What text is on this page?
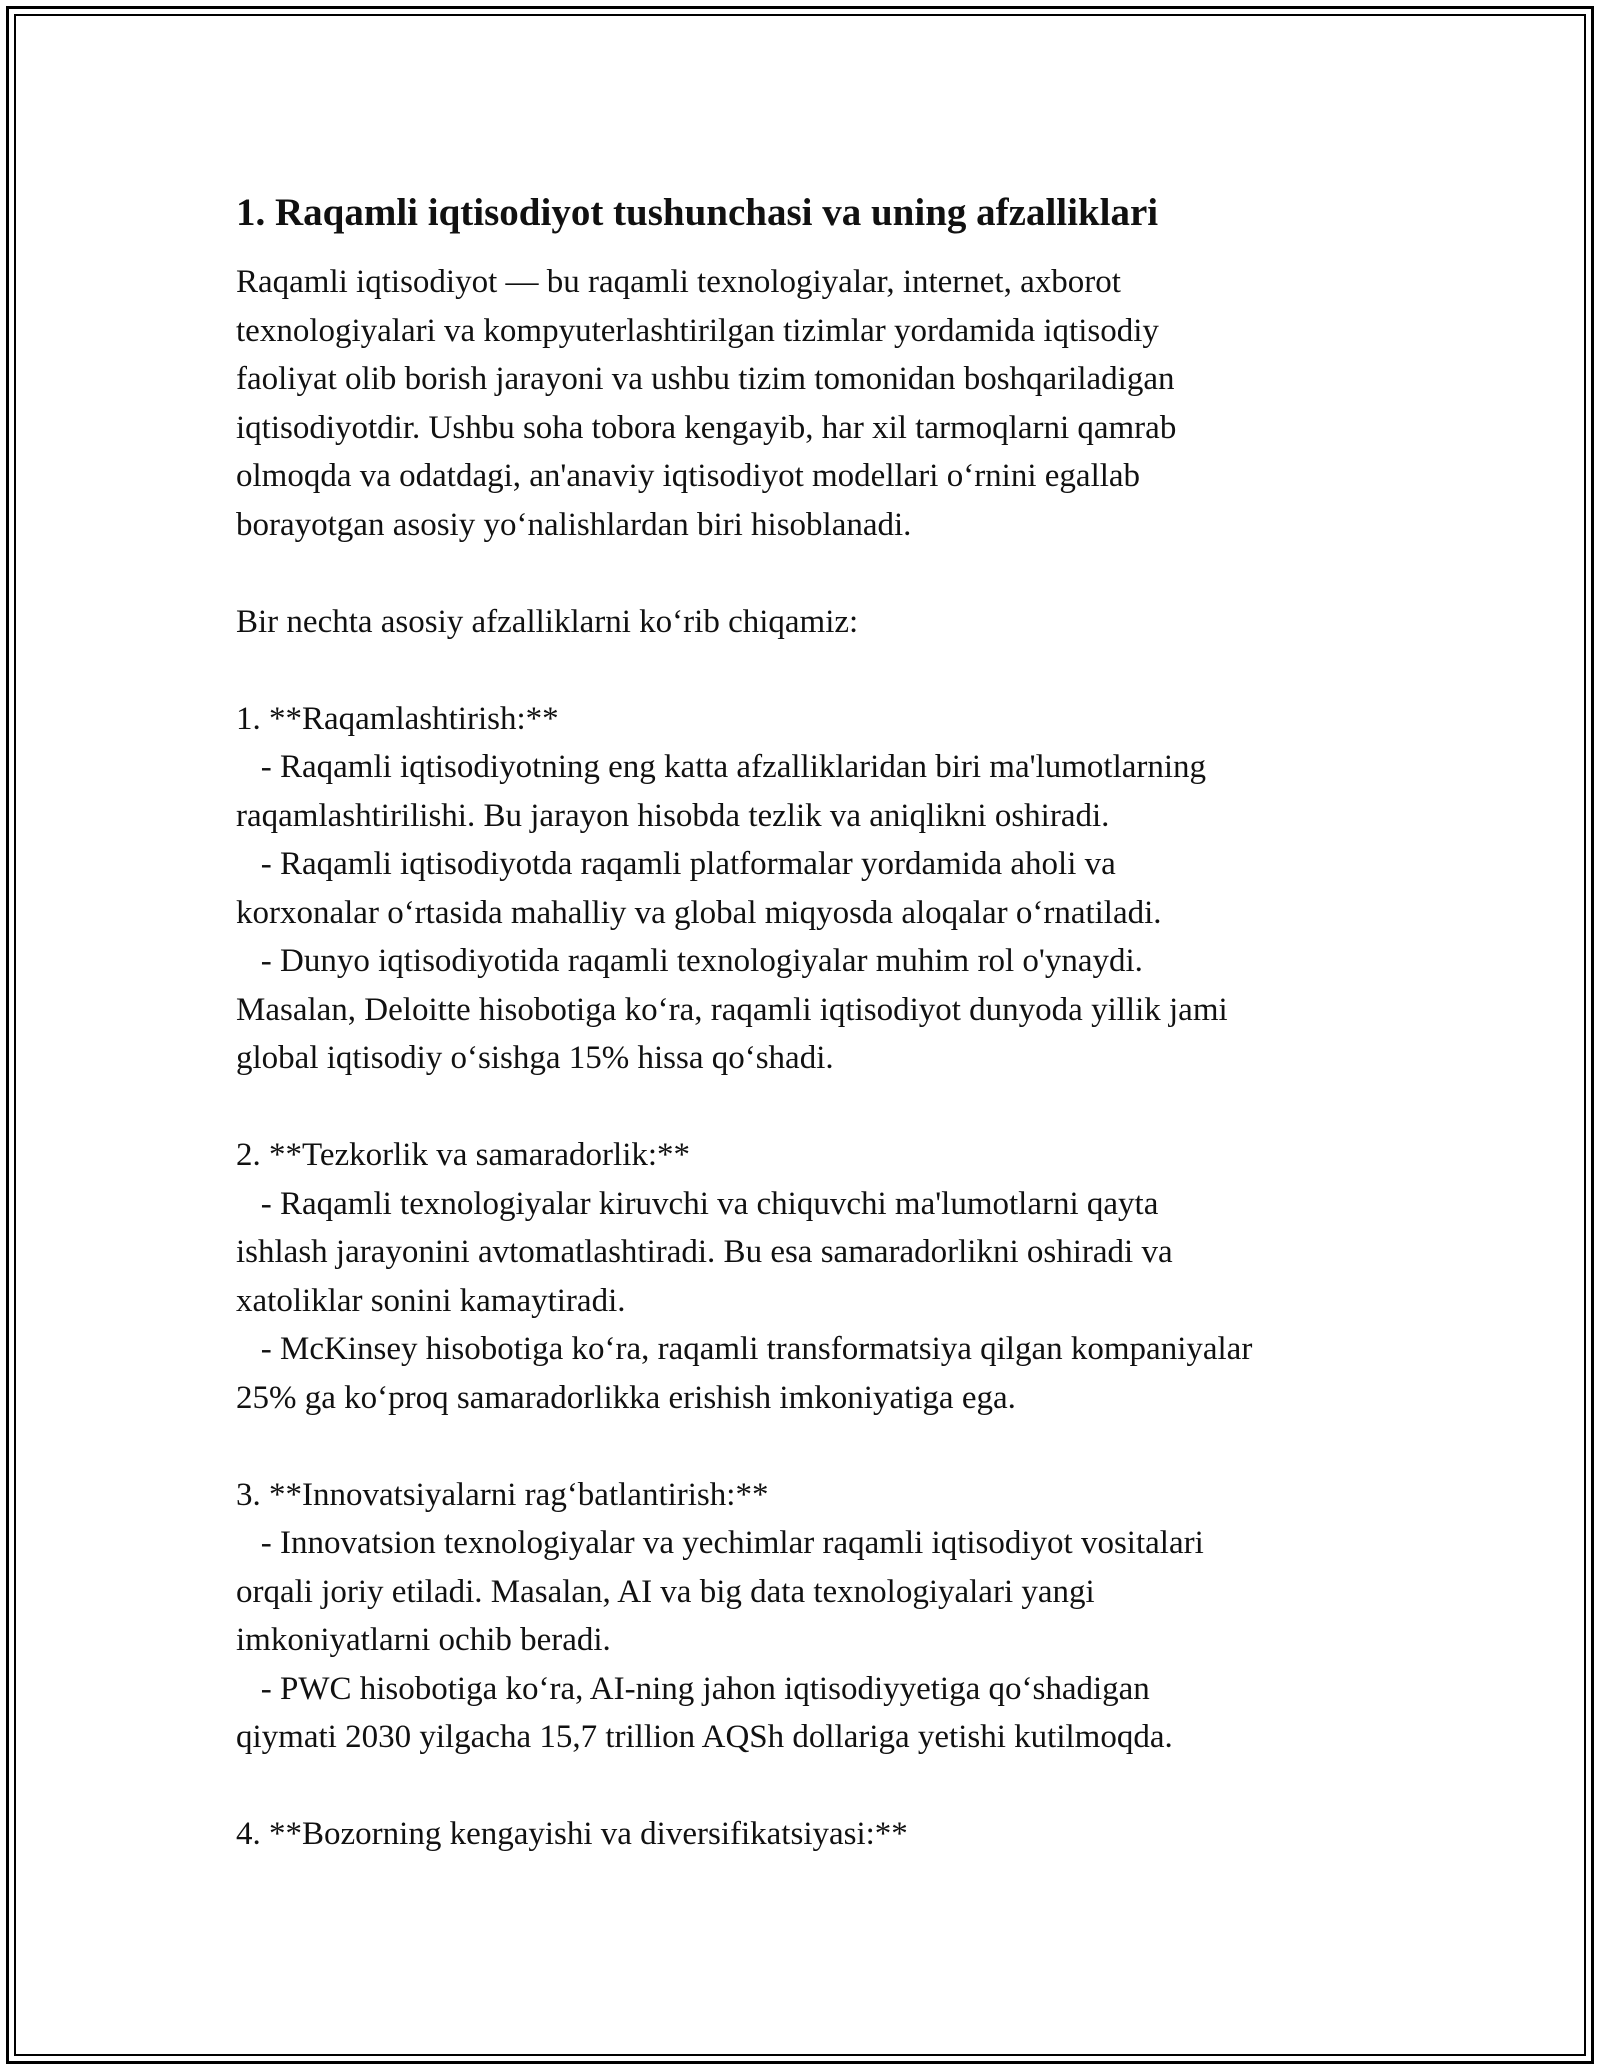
1. Raqamli iqtisodiyot tushunchasi va uning afzalliklari
Raqamli iqtisodiyot — bu raqamli texnologiyalar, internet, axborot
texnologiyalari va kompyuterlashtirilgan tizimlar yordamida iqtisodiy
faoliyat olib borish jarayoni va ushbu tizim tomonidan boshqariladigan
iqtisodiyotdir. Ushbu soha tobora kengayib, har xil tarmoqlarni qamrab
olmoqda va odatdagi, an'anaviy iqtisodiyot modellari o‘rnini egallab
borayotgan asosiy yo‘nalishlardan biri hisoblanadi.
Bir nechta asosiy afzalliklarni ko‘rib chiqamiz:
1. **Raqamlashtirish:**
- Raqamli iqtisodiyotning eng katta afzalliklaridan biri ma'lumotlarning
raqamlashtirilishi. Bu jarayon hisobda tezlik va aniqlikni oshiradi.
- Raqamli iqtisodiyotda raqamli platformalar yordamida aholi va
korxonalar o‘rtasida mahalliy va global miqyosda aloqalar o‘rnatiladi.
- Dunyo iqtisodiyotida raqamli texnologiyalar muhim rol o'ynaydi.
Masalan, Deloitte hisobotiga ko‘ra, raqamli iqtisodiyot dunyoda yillik jami
global iqtisodiy o‘sishga 15% hissa qo‘shadi.
2. **Tezkorlik va samaradorlik:**
- Raqamli texnologiyalar kiruvchi va chiquvchi ma'lumotlarni qayta
ishlash jarayonini avtomatlashtiradi. Bu esa samaradorlikni oshiradi va
xatoliklar sonini kamaytiradi.
- McKinsey hisobotiga ko‘ra, raqamli transformatsiya qilgan kompaniyalar
25% ga ko‘proq samaradorlikka erishish imkoniyatiga ega.
3. **Innovatsiyalarni rag‘batlantirish:**
- Innovatsion texnologiyalar va yechimlar raqamli iqtisodiyot vositalari
orqali joriy etiladi. Masalan, AI va big data texnologiyalari yangi
imkoniyatlarni ochib beradi.
- PWC hisobotiga ko‘ra, AI-ning jahon iqtisodiyyetiga qo‘shadigan
qiymati 2030 yilgacha 15,7 trillion AQSh dollariga yetishi kutilmoqda.
4. **Bozorning kengayishi va diversifikatsiyasi:**
